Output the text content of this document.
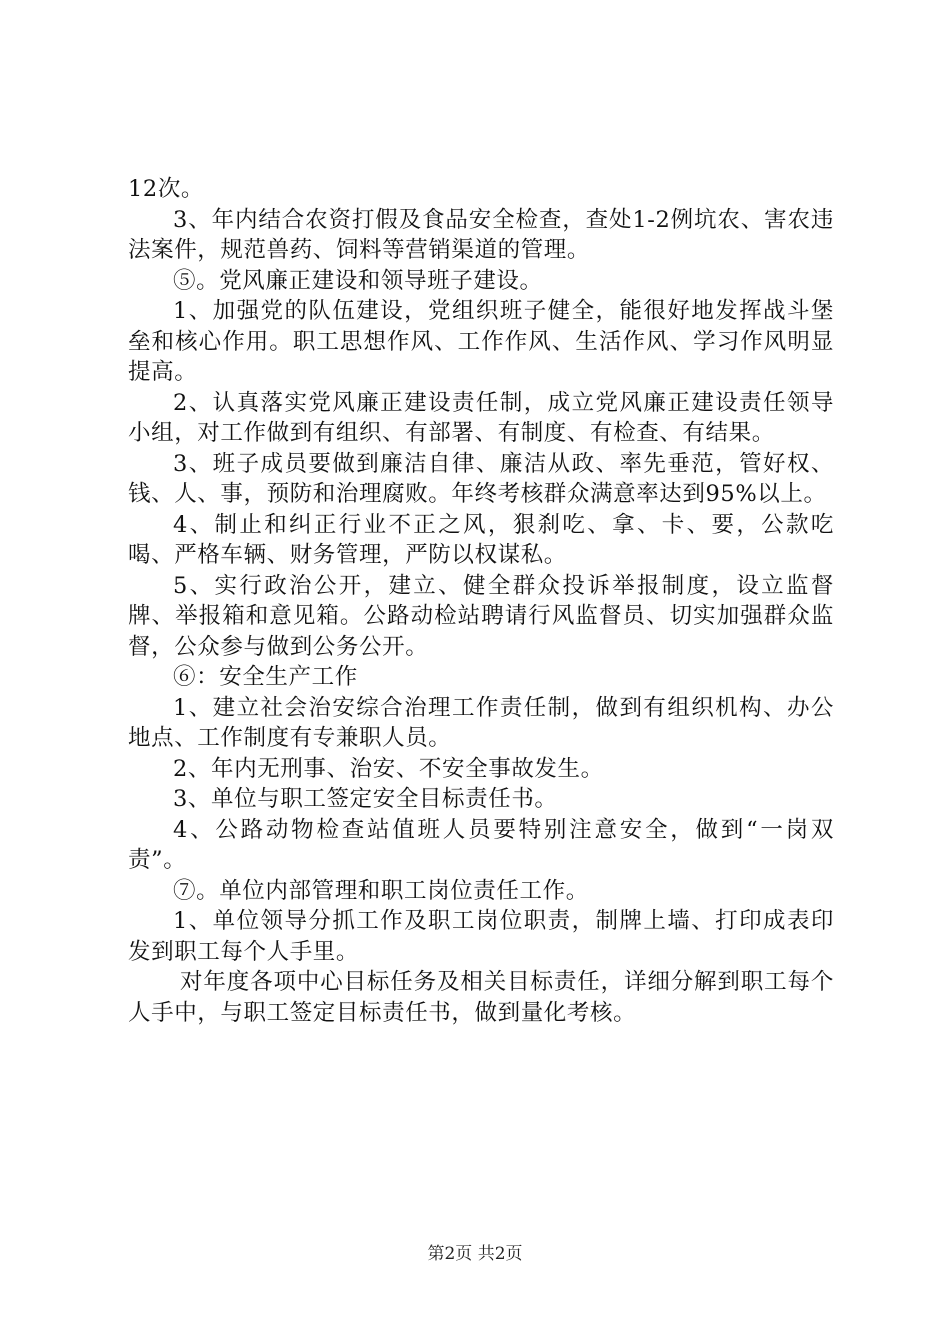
12次。

3、年内结合农资打假及食品安全检查，查处1-2例坑农、害农违法案件，规范兽药、饲料等营销渠道的管理。

⑤。党风廉正建设和领导班子建设。

1、加强党的队伍建设，党组织班子健全，能很好地发挥战斗堡垒和核心作用。职工思想作风、工作作风、生活作风、学习作风明显提高。

2、认真落实党风廉正建设责任制，成立党风廉正建设责任领导小组，对工作做到有组织、有部署、有制度、有检查、有结果。

3、班子成员要做到廉洁自律、廉洁从政、率先垂范，管好权、钱、人、事，预防和治理腐败。年终考核群众满意率达到95%以上。

4、制止和纠正行业不正之风，狠刹吃、拿、卡、要，公款吃喝、严格车辆、财务管理，严防以权谋私。

5、实行政治公开，建立、健全群众投诉举报制度，设立监督牌、举报箱和意见箱。公路动检站聘请行风监督员、切实加强群众监督，公众参与做到公务公开。

⑥：安全生产工作

1、建立社会治安综合治理工作责任制，做到有组织机构、办公地点、工作制度有专兼职人员。

2、年内无刑事、治安、不安全事故发生。

3、单位与职工签定安全目标责任书。

4、公路动物检查站值班人员要特别注意安全，做到“一岗双责”。

⑦。单位内部管理和职工岗位责任工作。

1、单位领导分抓工作及职工岗位职责，制牌上墙、打印成表印发到职工每个人手里。

对年度各项中心目标任务及相关目标责任，详细分解到职工每个人手中，与职工签定目标责任书，做到量化考核。

第2页 共2页
